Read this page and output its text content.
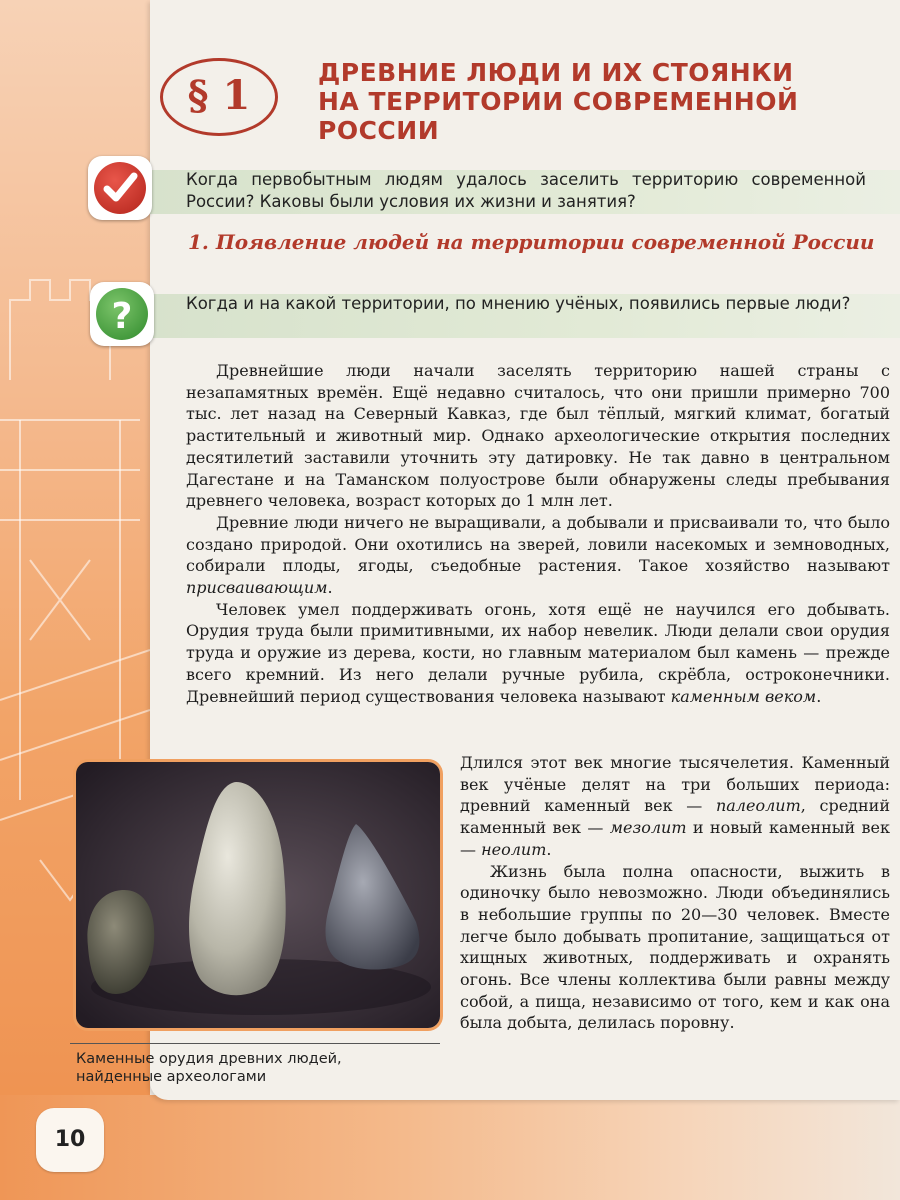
§ 1	ДРЕВНИЕ ЛЮДИ И ИХ СТОЯНКИ
НА ТЕРРИТОРИИ СОВРЕМЕННОЙ
РОССИИ
Когда первобытным людям удалось заселить территорию современной России? Каковы были условия их жизни и занятия?
1. Появление людей на территории современной России
?	Когда и на какой территории, по мнению учёных, появились первые люди?

Древнейшие люди начали заселять территорию нашей страны с незапамятных времён. Ещё недавно считалось, что они пришли примерно 700 тыс. лет назад на Северный Кавказ, где был тёплый, мягкий климат, богатый растительный и животный мир. Однако археологические открытия последних десятилетий заставили уточнить эту датировку. Не так давно в центральном Дагестане и на Таманском полуострове были обнаружены следы пребывания древнего человека, возраст которых до 1 млн лет.

Древние люди ничего не выращивали, а добывали и присваивали то, что было создано природой. Они охотились на зверей, ловили насекомых и земноводных, собирали плоды, ягоды, съедобные растения. Такое хозяйство называют присваивающим.

Человек умел поддерживать огонь, хотя ещё не научился его добывать. Орудия труда были примитивными, их набор невелик. Люди делали свои орудия труда и оружие из дерева, кости, но главным материалом был камень — прежде всего кремний. Из него делали ручные рубила, скрёбла, остроконечники. Древнейший период существования человека называют каменным веком.

Длился этот век многие тысячелетия. Каменный век учёные делят на три больших периода: древний каменный век — палеолит, средний каменный век — мезолит и новый каменный век — неолит.

Жизнь была полна опасности, выжить в одиночку было невозможно. Люди объединялись в небольшие группы по 20—30 человек. Вместе легче было добывать пропитание, защищаться от хищных животных, поддерживать и охранять огонь. Все члены коллектива были равны между собой, а пища, независимо от того, кем и как она была добыта, делилась поровну.

Каменные орудия древних людей,
найденные археологами
10
